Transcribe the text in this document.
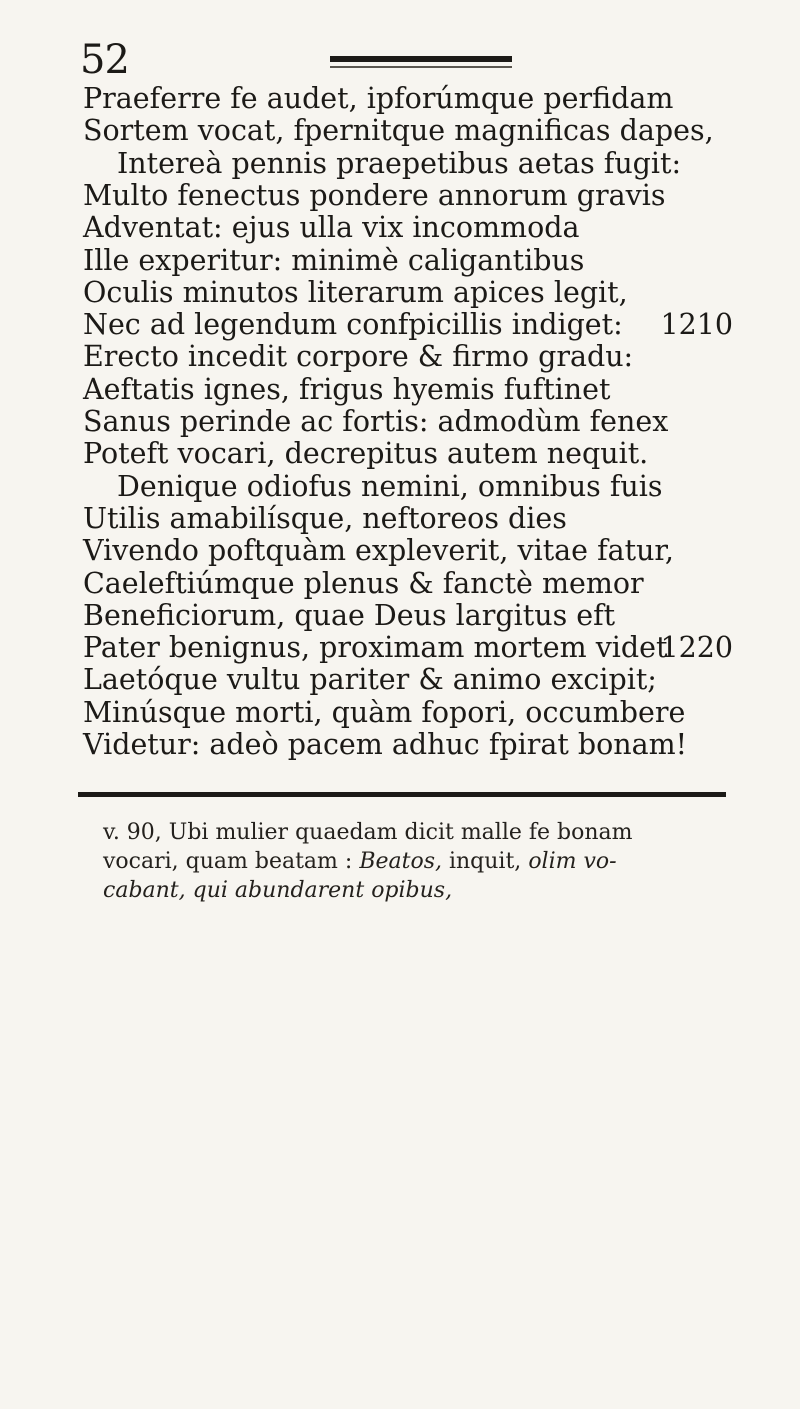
52
Praeferre fe audet, ipforúmque perfidam
Sortem vocat, fpernitque magnificas dapes,
Intereà pennis praepetibus aetas fugit:
Multo fenectus pondere annorum gravis
Adventat: ejus ulla vix incommoda
Ille experitur: minimè caligantibus
Oculis minutos literarum apices legit,
Nec ad legendum confpicillis indiget: 1210
Erecto incedit corpore & firmo gradu:
Aeftatis ignes, frigus hyemis fuftinet
Sanus perinde ac fortis: admodùm fenex
Poteft vocari, decrepitus autem nequit.
Denique odiofus nemini, omnibus fuis
Utilis amabilísque, neftoreos dies
Vivendo poftquàm expleverit, vitae fatur,
Caeleftiúmque plenus & fanctè memor
Beneficiorum, quae Deus largitus eft
Pater benignus, proximam mortem videt
1220
Laetóque vultu pariter & animo excipit;
Minúsque morti, quàm fopori, occumbere
Videtur: adeò pacem adhuc fpirat bonam!
v. 90, Ubi mulier quaedam dicit malle fe bonam
vocari, quam beatam : Beatos, inquit, olim vo-
cabant, qui abundarent opibus,
